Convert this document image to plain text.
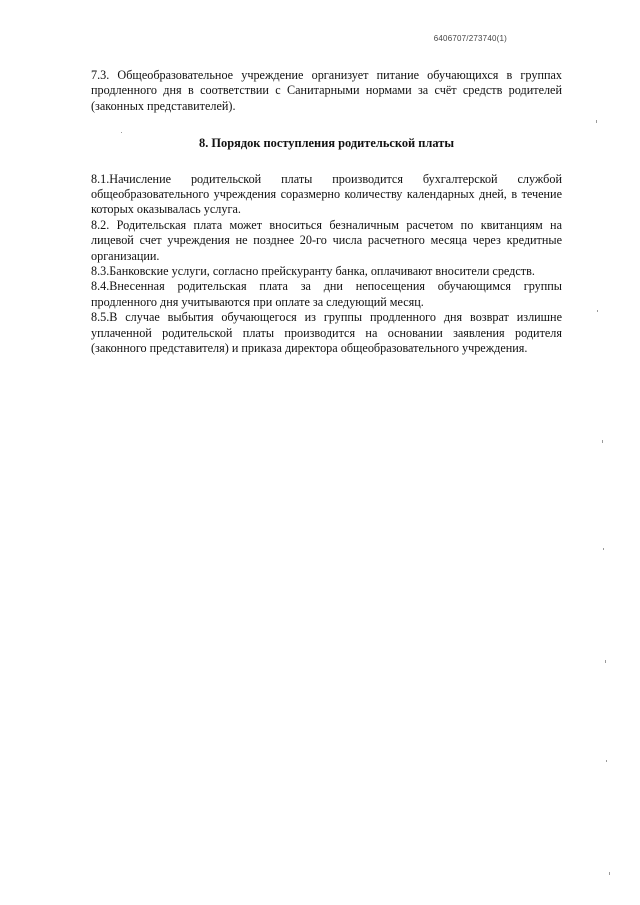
6406707/273740(1)

7.3. Общеобразовательное учреждение организует питание обучающихся в группах продленного дня в соответствии с Санитарными нормами за счёт средств родителей (законных представителей).

8. Порядок поступления родительской платы

8.1.Начисление родительской платы производится бухгалтерской службой общеобразовательного учреждения соразмерно количеству календарных дней, в течение которых оказывалась услуга.

8.2. Родительская плата может вноситься безналичным расчетом по квитанциям на лицевой счет учреждения не позднее 20-го числа расчетного месяца через кредитные организации.

8.3.Банковские услуги, согласно прейскуранту банка, оплачивают вносители средств.

8.4.Внесенная родительская плата за дни непосещения обучающимся группы продленного дня учитываются при оплате за следующий месяц.

8.5.В случае выбытия обучающегося из группы продленного дня возврат излишне уплаченной родительской платы производится на основании заявления родителя (законного представителя) и приказа директора общеобразовательного учреждения.
